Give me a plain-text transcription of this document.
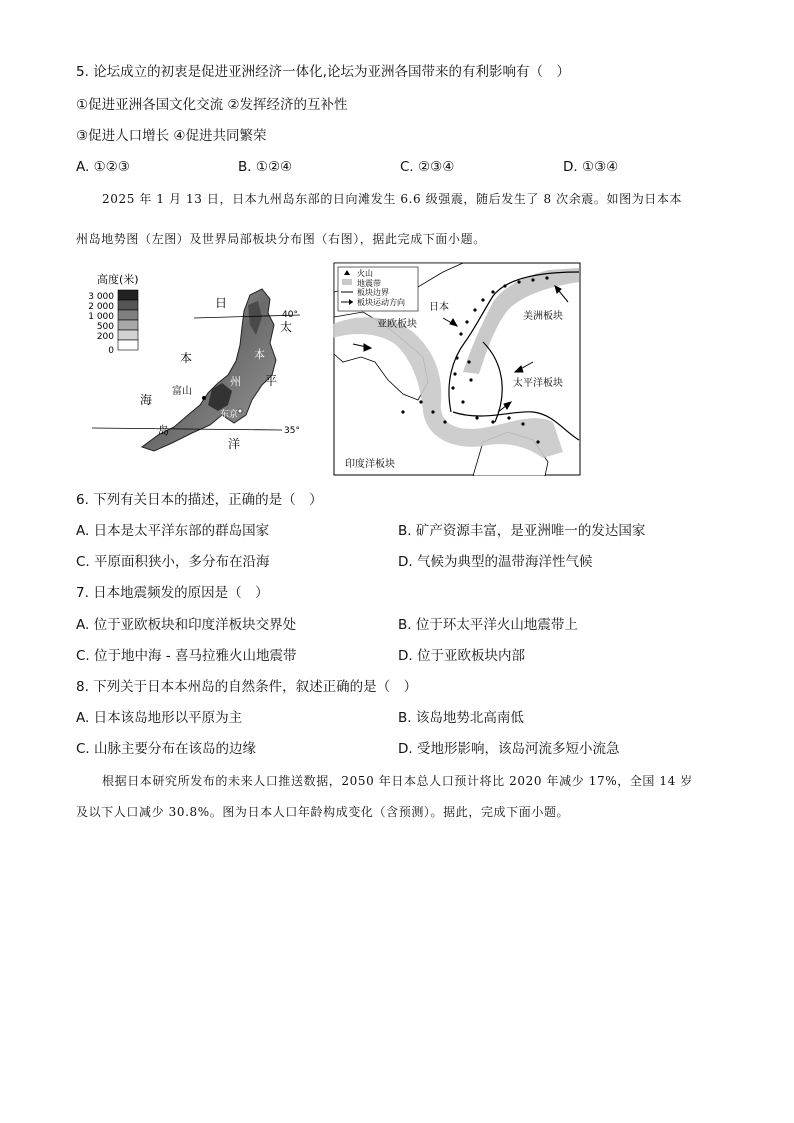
5. 论坛成立的初衷是促进亚洲经济一体化,论坛为亚洲各国带来的有利影响有（　）
①促进亚洲各国文化交流 ②发挥经济的互补性
③促进人口增长 ④促进共同繁荣
A. ①②③	B. ①②④	C. ②③④	D. ①③④
2025 年 1 月 13 日，日本九州岛东部的日向滩发生 6.6 级强震，随后发生了 8 次余震。如图为日本本
州岛地势图（左图）及世界局部板块分布图（右图），据此完成下面小题。
高度(米)
3 000
2 000
1 000
500
200
0
40°
35°
日
本
海
太
平
洋
岛
富山
东京
本
州
火山
地震带
板块边界
板块运动方向 日本
亚欧板块
美洲板块
太平洋板块
印度洋板块
6. 下列有关日本的描述，正确的是（　）
A. 日本是太平洋东部的群岛国家	B. 矿产资源丰富，是亚洲唯一的发达国家
C. 平原面积狭小，多分布在沿海	D. 气候为典型的温带海洋性气候
7. 日本地震频发的原因是（　）
A. 位于亚欧板块和印度洋板块交界处	B. 位于环太平洋火山地震带上
C. 位于地中海 - 喜马拉雅火山地震带	D. 位于亚欧板块内部
8. 下列关于日本本州岛的自然条件，叙述正确的是（　）
A. 日本该岛地形以平原为主	B. 该岛地势北高南低
C. 山脉主要分布在该岛的边缘	D. 受地形影响，该岛河流多短小流急
根据日本研究所发布的未来人口推送数据，2050 年日本总人口预计将比 2020 年减少 17%，全国 14 岁
及以下人口减少 30.8%。图为日本人口年龄构成变化（含预测）。据此，完成下面小题。
